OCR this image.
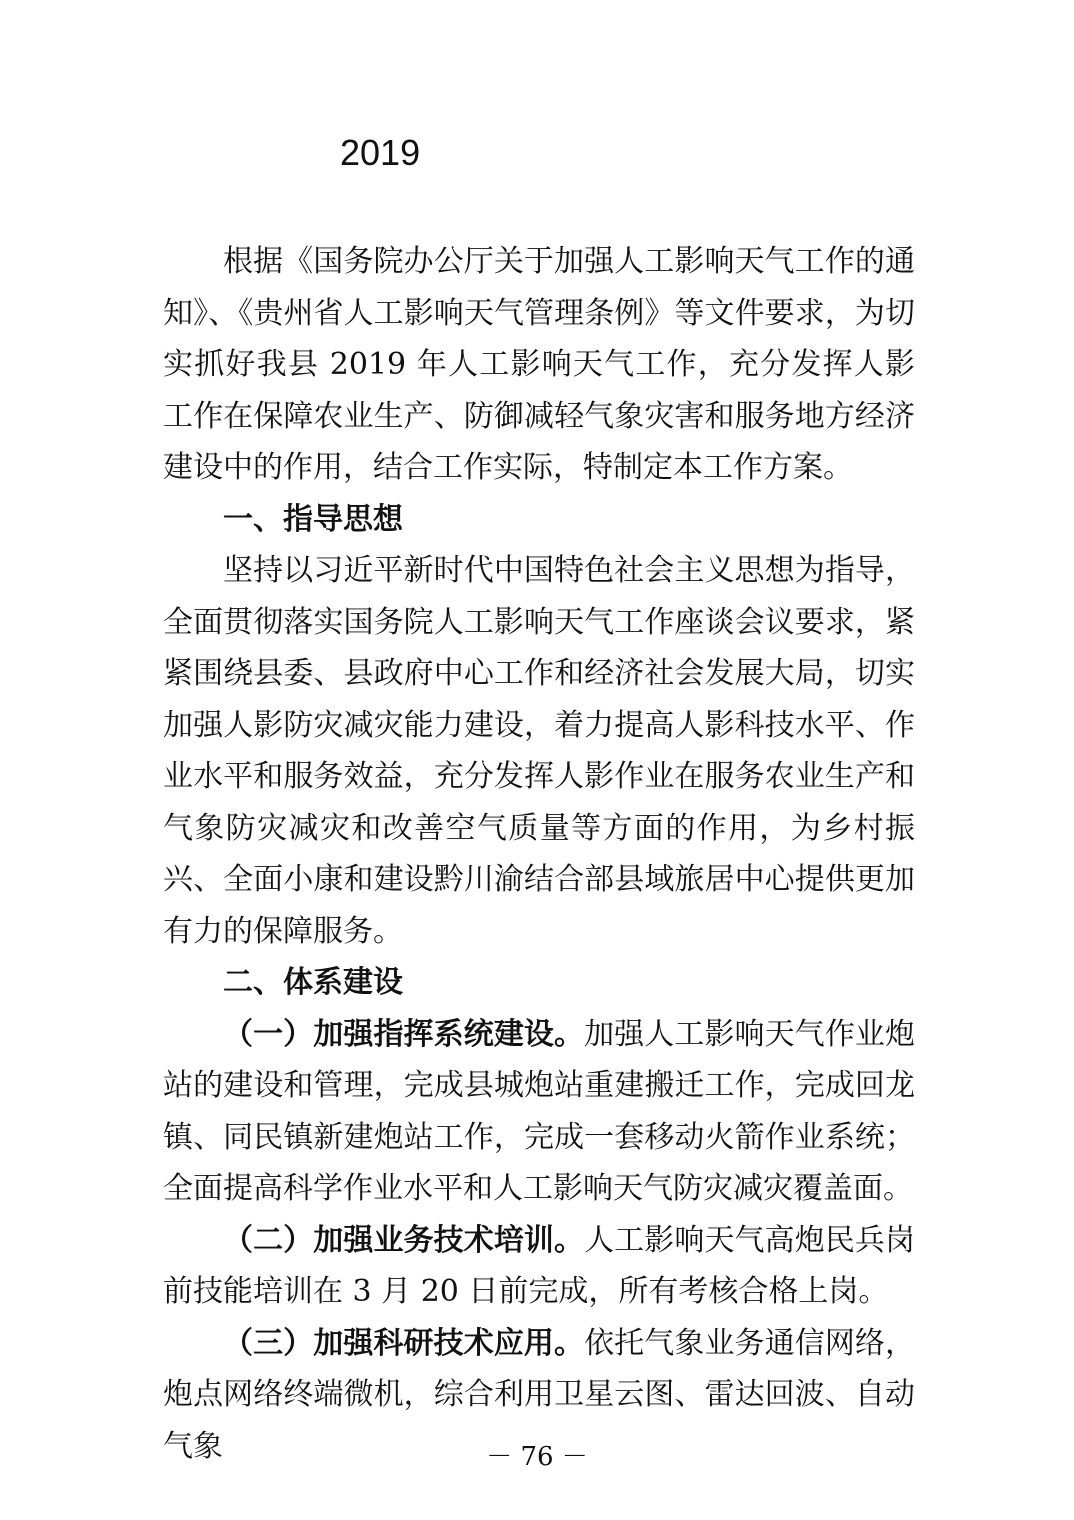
2019

根据《国务院办公厅关于加强人工影响天气工作的通知》、《贵州省人工影响天气管理条例》等文件要求，为切实抓好我县 2019 年人工影响天气工作，充分发挥人影工作在保障农业生产、防御减轻气象灾害和服务地方经济建设中的作用，结合工作实际，特制定本工作方案。

一、指导思想

坚持以习近平新时代中国特色社会主义思想为指导，全面贯彻落实国务院人工影响天气工作座谈会议要求，紧紧围绕县委、县政府中心工作和经济社会发展大局，切实加强人影防灾减灾能力建设，着力提高人影科技水平、作业水平和服务效益，充分发挥人影作业在服务农业生产和气象防灾减灾和改善空气质量等方面的作用，为乡村振兴、全面小康和建设黔川渝结合部县域旅居中心提供更加有力的保障服务。

二、体系建设

（一）加强指挥系统建设。加强人工影响天气作业炮站的建设和管理，完成县城炮站重建搬迁工作，完成回龙镇、同民镇新建炮站工作，完成一套移动火箭作业系统；全面提高科学作业水平和人工影响天气防灾减灾覆盖面。

（二）加强业务技术培训。人工影响天气高炮民兵岗前技能培训在 3 月 20 日前完成，所有考核合格上岗。

（三）加强科研技术应用。依托气象业务通信网络，炮点网络终端微机，综合利用卫星云图、雷达回波、自动气象	－ 76 －
